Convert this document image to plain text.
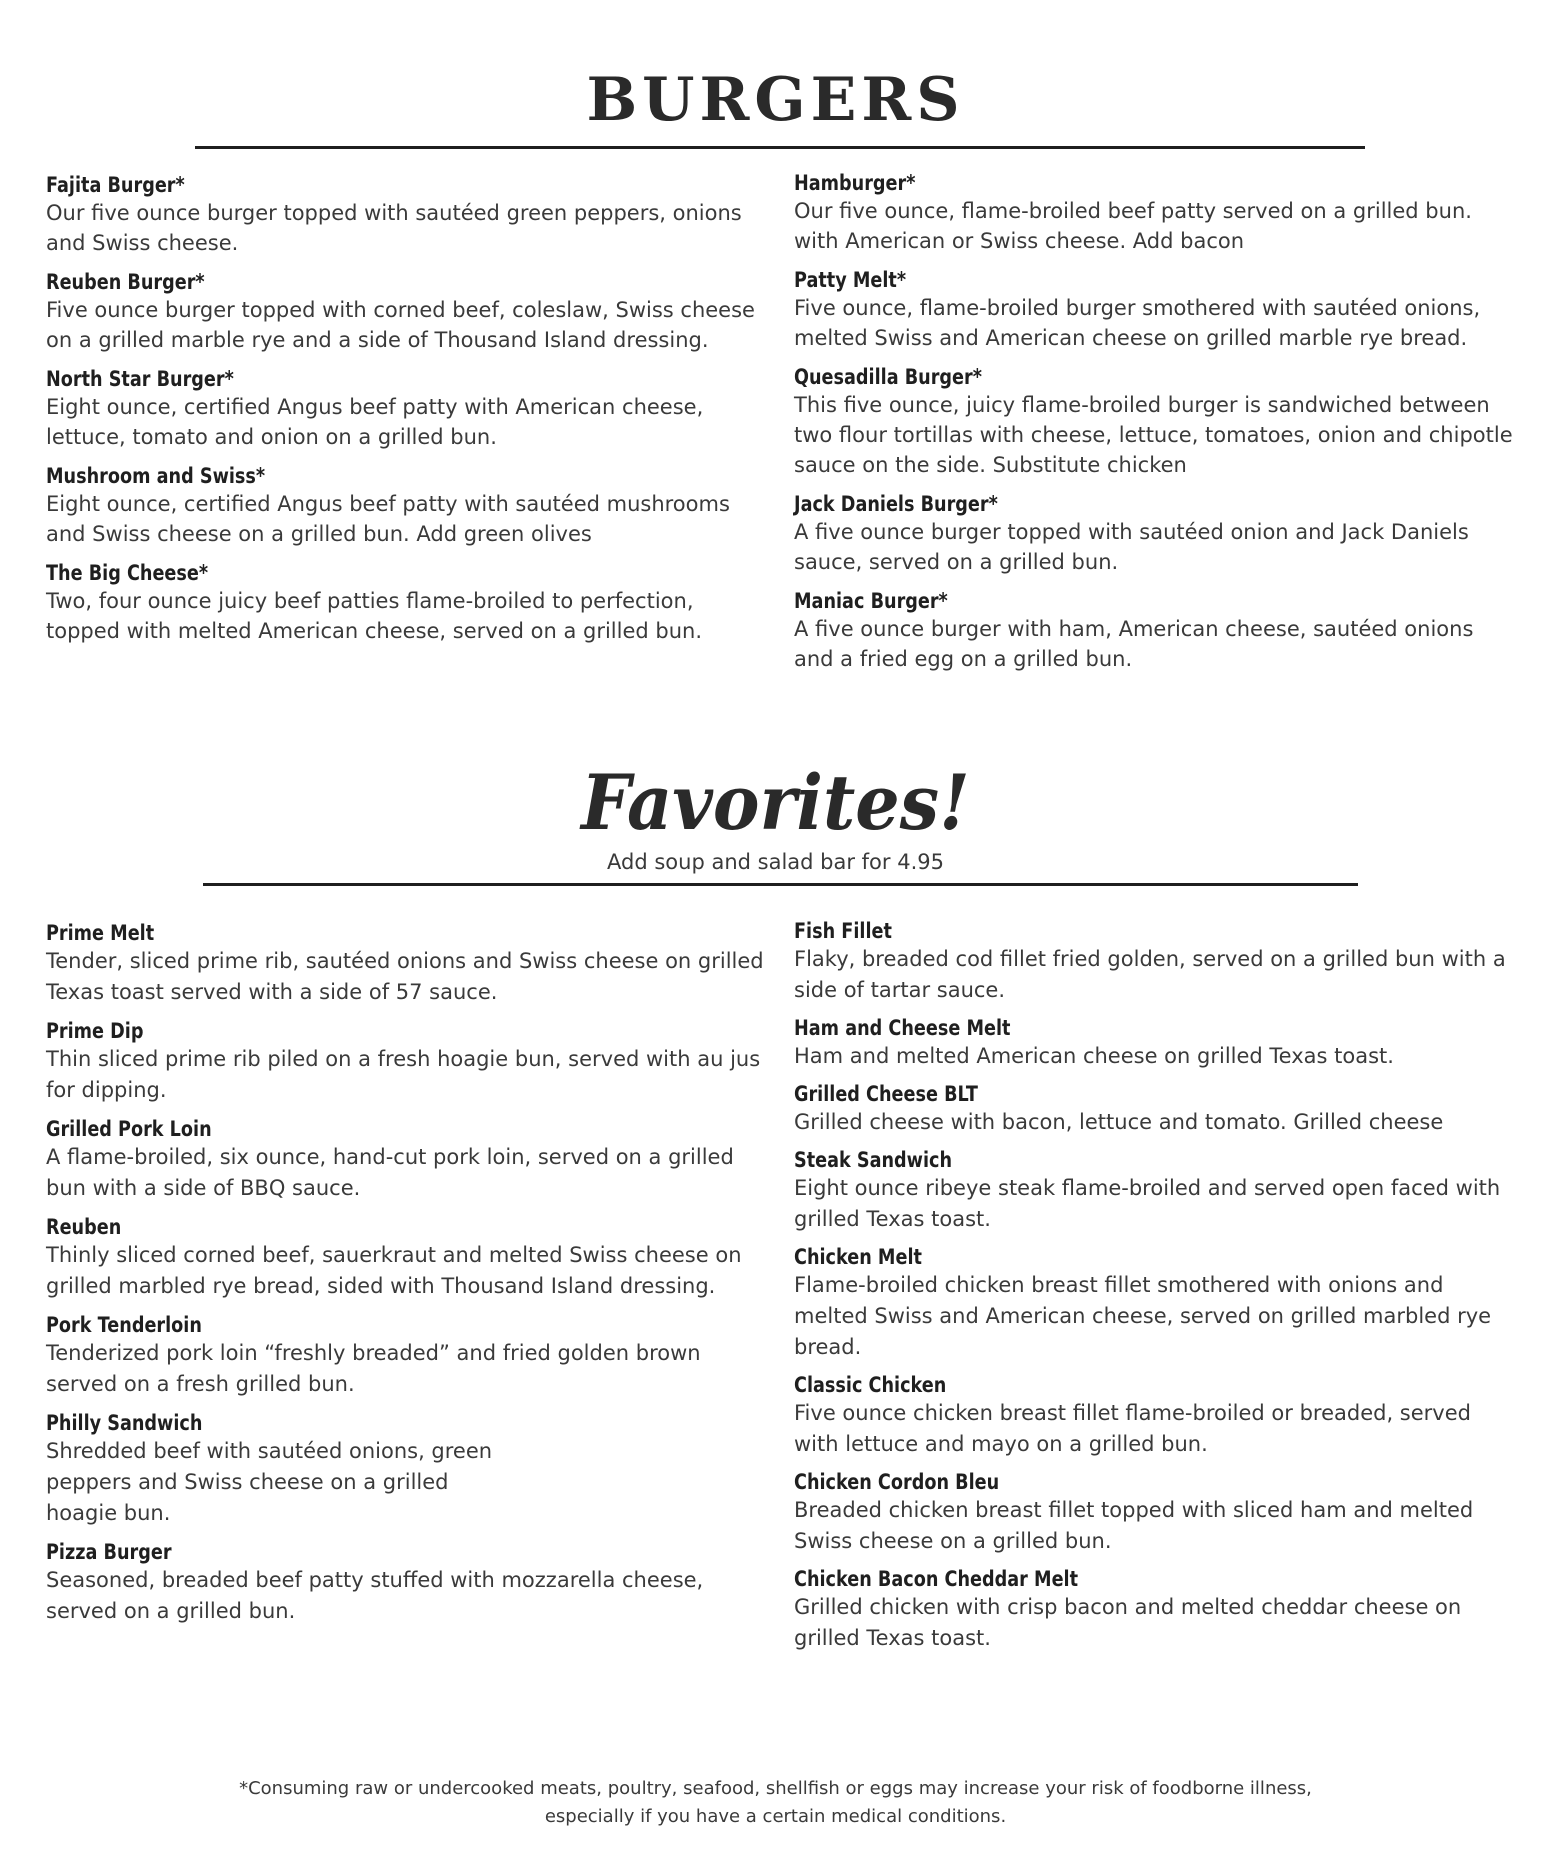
BURGERS
Fajita Burger*
Our five ounce burger topped with sautéed green peppers, onions and Swiss cheese.
Reuben Burger*
Five ounce burger topped with corned beef, coleslaw, Swiss cheese on a grilled marble rye and a side of Thousand Island dressing.
North Star Burger*
Eight ounce, certified Angus beef patty with American cheese, lettuce, tomato and onion on a grilled bun.
Mushroom and Swiss*
Eight ounce, certified Angus beef patty with sautéed mushrooms and Swiss cheese on a grilled bun. Add green olives
The Big Cheese*
Two, four ounce juicy beef patties flame-broiled to perfection, topped with melted American cheese, served on a grilled bun.
Hamburger*
Our five ounce, flame-broiled beef patty served on a grilled bun. with American or Swiss cheese. Add bacon
Patty Melt*
Five ounce, flame-broiled burger smothered with sautéed onions, melted Swiss and American cheese on grilled marble rye bread.
Quesadilla Burger*
This five ounce, juicy flame-broiled burger is sandwiched between two flour tortillas with cheese, lettuce, tomatoes, onion and chipotle sauce on the side. Substitute chicken
Jack Daniels Burger*
A five ounce burger topped with sautéed onion and Jack Daniels sauce, served on a grilled bun.
Maniac Burger*
A five ounce burger with ham, American cheese, sautéed onions and a fried egg on a grilled bun.
Favorites!

Add soup and salad bar for 4.95

Prime Melt
Tender, sliced prime rib, sautéed onions and Swiss cheese on grilled Texas toast served with a side of 57 sauce.
Prime Dip
Thin sliced prime rib piled on a fresh hoagie bun, served with au jus for dipping.
Grilled Pork Loin
A flame-broiled, six ounce, hand-cut pork loin, served on a grilled bun with a side of BBQ sauce.
Reuben
Thinly sliced corned beef, sauerkraut and melted Swiss cheese on grilled marbled rye bread, sided with Thousand Island dressing.
Pork Tenderloin
Tenderized pork loin “freshly breaded” and fried golden brown served on a fresh grilled bun.
Philly Sandwich
Shredded beef with sautéed onions, green peppers and Swiss cheese on a grilled hoagie bun.
Pizza Burger
Seasoned, breaded beef patty stuffed with mozzarella cheese, served on a grilled bun.
Fish Fillet
Flaky, breaded cod fillet fried golden, served on a grilled bun with a side of tartar sauce.
Ham and Cheese Melt
Ham and melted American cheese on grilled Texas toast.
Grilled Cheese BLT
Grilled cheese with bacon, lettuce and tomato. Grilled cheese
Steak Sandwich
Eight ounce ribeye steak flame-broiled and served open faced with grilled Texas toast.
Chicken Melt
Flame-broiled chicken breast fillet smothered with onions and melted Swiss and American cheese, served on grilled marbled rye bread.
Classic Chicken
Five ounce chicken breast fillet flame-broiled or breaded, served with lettuce and mayo on a grilled bun.
Chicken Cordon Bleu
Breaded chicken breast fillet topped with sliced ham and melted Swiss cheese on a grilled bun.
Chicken Bacon Cheddar Melt
Grilled chicken with crisp bacon and melted cheddar cheese on grilled Texas toast.
*Consuming raw or undercooked meats, poultry, seafood, shellfish or eggs may increase your risk of foodborne illness,
especially if you have a certain medical conditions.
